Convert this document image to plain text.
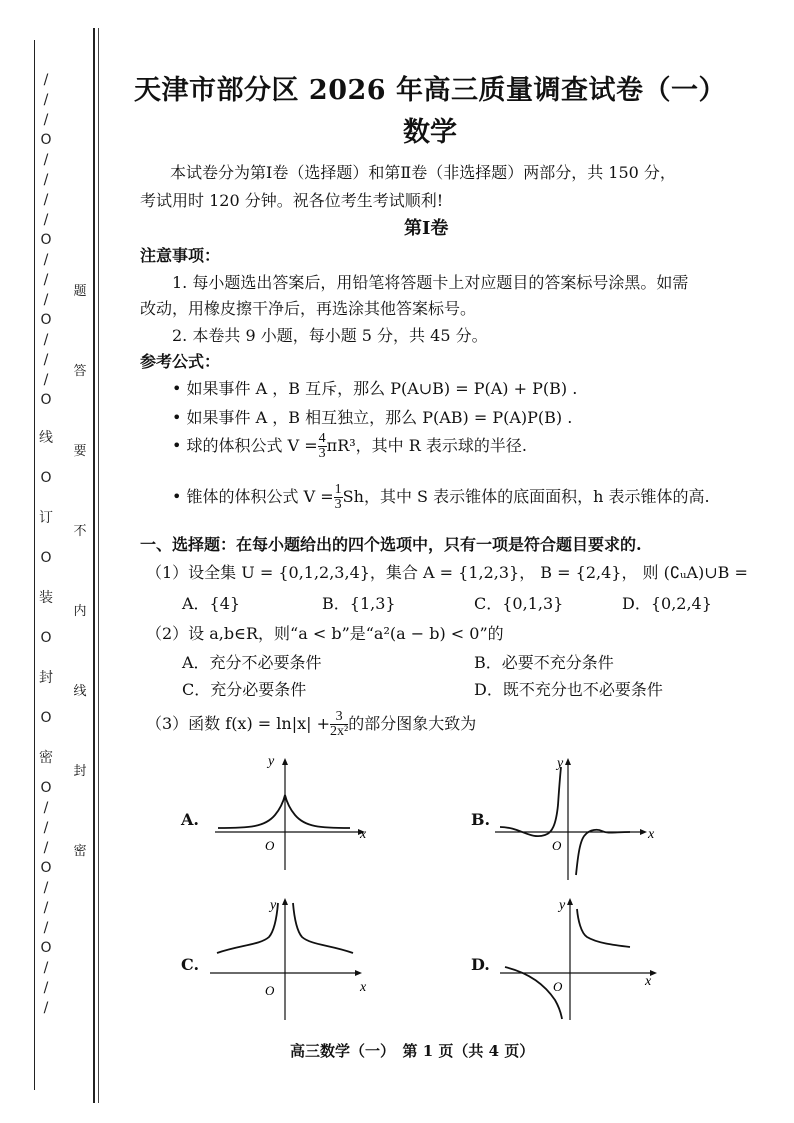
/
/
/
O
/
/
/
/
O
/
/
/
O
/
/
/
O
线
O
订
O
装
O
封
O
密
O
/
/
/
O
/
/
/
O
/
/
/
题
答
要
不
内
线
封
密
天津市部分区 2026 年高三质量调查试卷（一）
数学
本试卷分为第Ⅰ卷（选择题）和第Ⅱ卷（非选择题）两部分，共 150 分，
考试用时 120 分钟。祝各位考生考试顺利!
第Ⅰ卷
注意事项：
1. 每小题选出答案后，用铅笔将答题卡上对应题目的答案标号涂黑。如需
改动，用橡皮擦干净后，再选涂其他答案标号。
2. 本卷共 9 小题，每小题 5 分，共 45 分。
参考公式：
• 如果事件 A ，B 互斥，那么 P(A∪B) = P(A) + P(B) .
• 如果事件 A ，B 相互独立，那么 P(AB) = P(A)P(B) .
• 球的体积公式 $V = \frac{4}{3} \pi R^3$，其中 R 表示球的半径.
• 锥体的体积公式 $V = \frac{1}{3}$ Sh，其中 S 表示锥体的底面面积，h 表示锥体的高.
一、选择题：在每小题给出的四个选项中，只有一项是符合题目要求的.
（1）设全集 U = {0,1,2,3,4}，集合 A = {1,2,3}， B = {2,4}， 则 (∁ᵤA)∪B =
A．{4}	B．{1,3}	C．{0,1,3}	D．{0,2,4}
（2）设 a,b∈R，则“a < b”是“a²(a − b) < 0”的
A．充分不必要条件	B．必要不充分条件
C．充分必要条件	D．既不充分也不必要条件
（3）函数 $f(x) = \ln|x| + \frac{3}{\text{2x²}}$ 的部分图象大致为
A.
x
y
O
B.
x
y
O
C.
x
y
O
D.
x
y
O
高三数学（一）　第 1 页（共 4 页）
